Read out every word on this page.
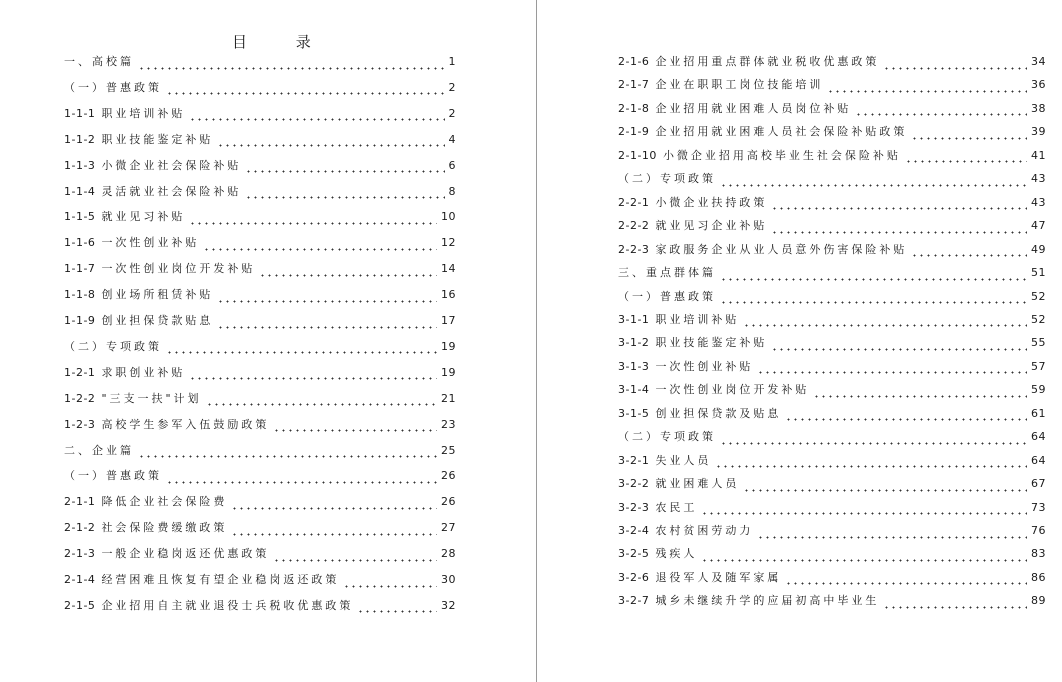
目 录
一、高校篇	1
（一）普惠政策	2
1-1-1 职业培训补贴	2
1-1-2 职业技能鉴定补贴	4
1-1-3 小微企业社会保险补贴	6
1-1-4 灵活就业社会保险补贴	8
1-1-5 就业见习补贴	10
1-1-6 一次性创业补贴	12
1-1-7 一次性创业岗位开发补贴	14
1-1-8 创业场所租赁补贴	16
1-1-9 创业担保贷款贴息	17
（二）专项政策	19
1-2-1 求职创业补贴	19
1-2-2 "三支一扶"计划	21
1-2-3 高校学生参军入伍鼓励政策	23
二、企业篇	25
（一）普惠政策	26
2-1-1 降低企业社会保险费	26
2-1-2 社会保险费缓缴政策	27
2-1-3 一般企业稳岗返还优惠政策	28
2-1-4 经营困难且恢复有望企业稳岗返还政策	30
2-1-5 企业招用自主就业退役士兵税收优惠政策	32
2-1-6 企业招用重点群体就业税收优惠政策	34
2-1-7 企业在职职工岗位技能培训	36
2-1-8 企业招用就业困难人员岗位补贴	38
2-1-9 企业招用就业困难人员社会保险补贴政策	39
2-1-10 小微企业招用高校毕业生社会保险补贴	41
（二）专项政策	43
2-2-1 小微企业扶持政策	43
2-2-2 就业见习企业补贴	47
2-2-3 家政服务企业从业人员意外伤害保险补贴	49
三、重点群体篇	51
（一）普惠政策	52
3-1-1 职业培训补贴	52
3-1-2 职业技能鉴定补贴	55
3-1-3 一次性创业补贴	57
3-1-4 一次性创业岗位开发补贴	59
3-1-5 创业担保贷款及贴息	61
（二）专项政策	64
3-2-1 失业人员	64
3-2-2 就业困难人员	67
3-2-3 农民工	73
3-2-4 农村贫困劳动力	76
3-2-5 残疾人	83
3-2-6 退役军人及随军家属	86
3-2-7 城乡未继续升学的应届初高中毕业生	89
